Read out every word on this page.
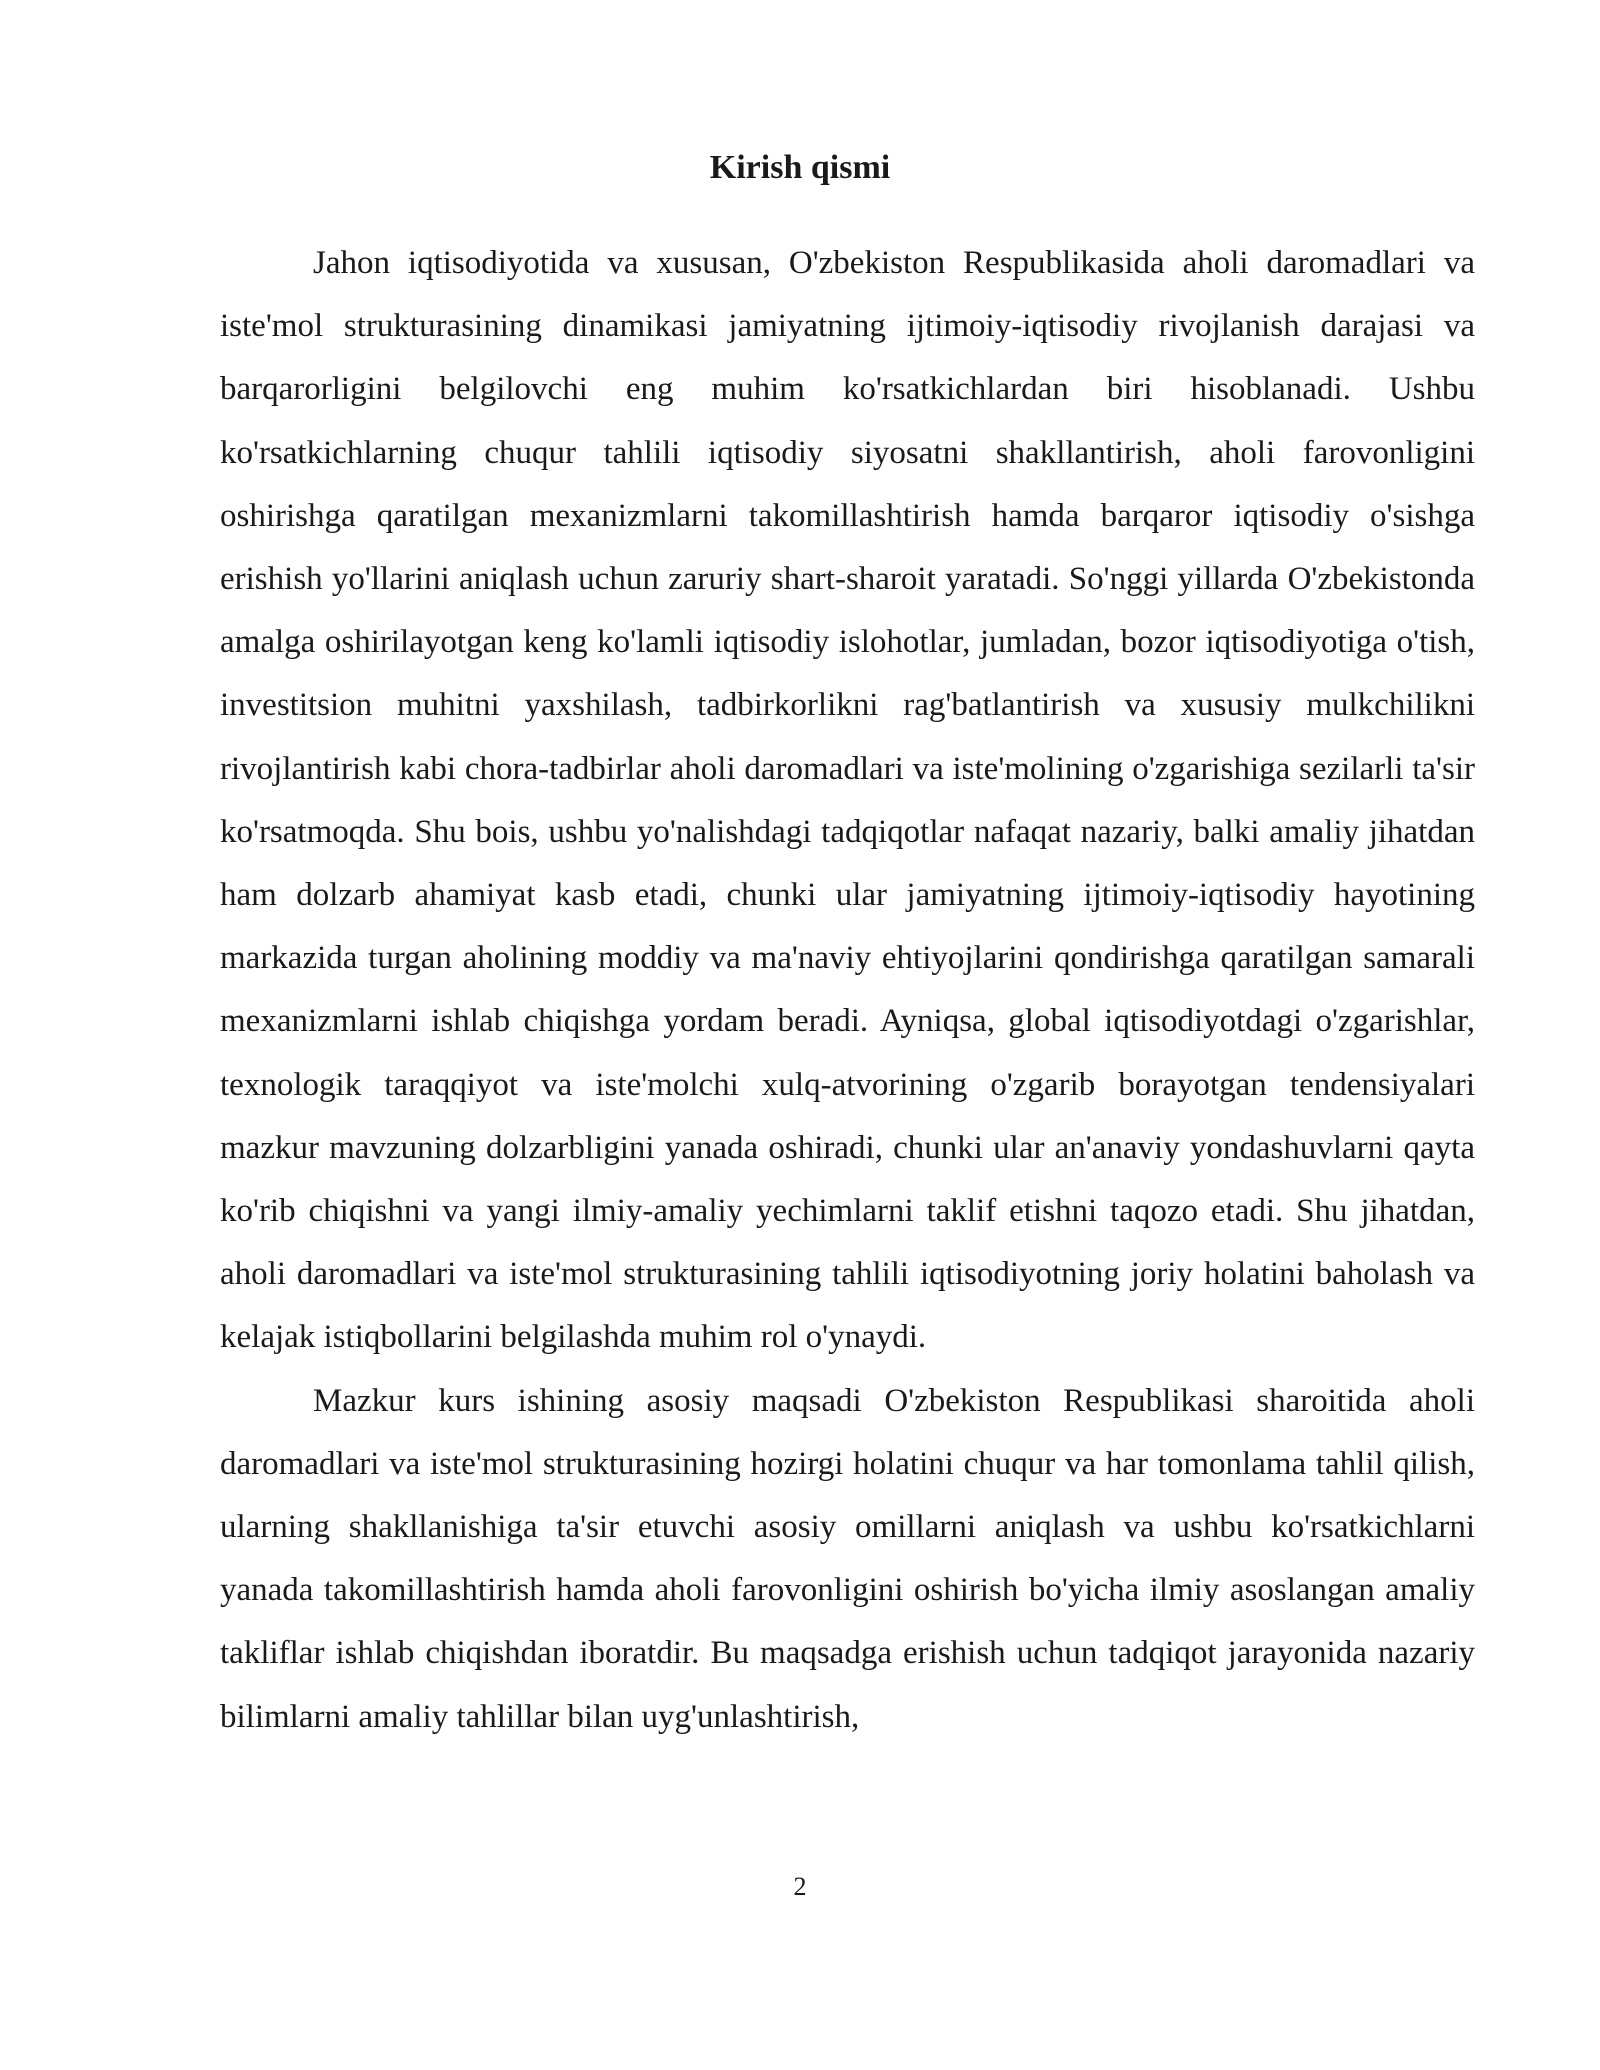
Kirish qismi

Jahon iqtisodiyotida va xususan, O'zbekiston Respublikasida aholi daromadlari va iste'mol strukturasining dinamikasi jamiyatning ijtimoiy-iqtisodiy rivojlanish darajasi va barqarorligini belgilovchi eng muhim ko'rsatkichlardan biri hisoblanadi. Ushbu ko'rsatkichlarning chuqur tahlili iqtisodiy siyosatni shakllantirish, aholi farovonligini oshirishga qaratilgan mexanizmlarni takomillashtirish hamda barqaror iqtisodiy o'sishga erishish yo'llarini aniqlash uchun zaruriy shart-sharoit yaratadi. So'nggi yillarda O'zbekistonda amalga oshirilayotgan keng ko'lamli iqtisodiy islohotlar, jumladan, bozor iqtisodiyotiga o'tish, investitsion muhitni yaxshilash, tadbirkorlikni rag'batlantirish va xususiy mulkchilikni rivojlantirish kabi chora-tadbirlar aholi daromadlari va iste'molining o'zgarishiga sezilarli ta'sir ko'rsatmoqda. Shu bois, ushbu yo'nalishdagi tadqiqotlar nafaqat nazariy, balki amaliy jihatdan ham dolzarb ahamiyat kasb etadi, chunki ular jamiyatning ijtimoiy-iqtisodiy hayotining markazida turgan aholining moddiy va ma'naviy ehtiyojlarini qondirishga qaratilgan samarali mexanizmlarni ishlab chiqishga yordam beradi. Ayniqsa, global iqtisodiyotdagi o'zgarishlar, texnologik taraqqiyot va iste'molchi xulq-atvorining o'zgarib borayotgan tendensiyalari mazkur mavzuning dolzarbligini yanada oshiradi, chunki ular an'anaviy yondashuvlarni qayta ko'rib chiqishni va yangi ilmiy-amaliy yechimlarni taklif etishni taqozo etadi. Shu jihatdan, aholi daromadlari va iste'mol strukturasining tahlili iqtisodiyotning joriy holatini baholash va kelajak istiqbollarini belgilashda muhim rol o'ynaydi.

Mazkur kurs ishining asosiy maqsadi O'zbekiston Respublikasi sharoitida aholi daromadlari va iste'mol strukturasining hozirgi holatini chuqur va har tomonlama tahlil qilish, ularning shakllanishiga ta'sir etuvchi asosiy omillarni aniqlash va ushbu ko'rsatkichlarni yanada takomillashtirish hamda aholi farovonligini oshirish bo'yicha ilmiy asoslangan amaliy takliflar ishlab chiqishdan iboratdir. Bu maqsadga erishish uchun tadqiqot jarayonida nazariy bilimlarni amaliy tahlillar bilan uyg'unlashtirish,

2
